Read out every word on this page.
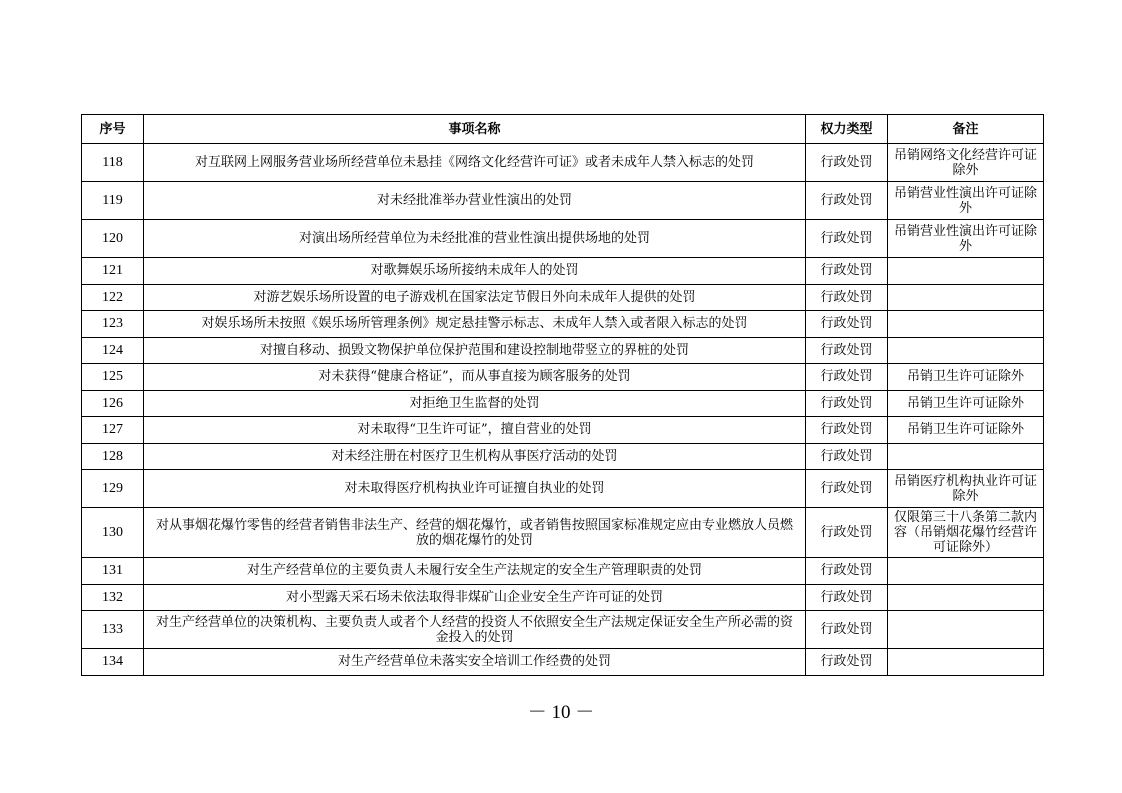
序号	事项名称	权力类型	备注
118	对互联网上网服务营业场所经营单位未悬挂《网络文化经营许可证》或者未成年人禁入标志的处罚	行政处罚	吊销网络文化经营许可证除外
119	对未经批准举办营业性演出的处罚	行政处罚	吊销营业性演出许可证除外
120	对演出场所经营单位为未经批准的营业性演出提供场地的处罚	行政处罚	吊销营业性演出许可证除外
121	对歌舞娱乐场所接纳未成年人的处罚	行政处罚	
122	对游艺娱乐场所设置的电子游戏机在国家法定节假日外向未成年人提供的处罚	行政处罚	
123	对娱乐场所未按照《娱乐场所管理条例》规定悬挂警示标志、未成年人禁入或者限入标志的处罚	行政处罚	
124	对擅自移动、损毁文物保护单位保护范围和建设控制地带竖立的界桩的处罚	行政处罚	
125	对未获得“健康合格证”，而从事直接为顾客服务的处罚	行政处罚	吊销卫生许可证除外
126	对拒绝卫生监督的处罚	行政处罚	吊销卫生许可证除外
127	对未取得“卫生许可证”，擅自营业的处罚	行政处罚	吊销卫生许可证除外
128	对未经注册在村医疗卫生机构从事医疗活动的处罚	行政处罚	
129	对未取得医疗机构执业许可证擅自执业的处罚	行政处罚	吊销医疗机构执业许可证除外
130	对从事烟花爆竹零售的经营者销售非法生产、经营的烟花爆竹，或者销售按照国家标准规定应由专业燃放人员燃放的烟花爆竹的处罚	行政处罚	仅限第三十八条第二款内容（吊销烟花爆竹经营许可证除外）
131	对生产经营单位的主要负责人未履行安全生产法规定的安全生产管理职责的处罚	行政处罚	
132	对小型露天采石场未依法取得非煤矿山企业安全生产许可证的处罚	行政处罚	
133	对生产经营单位的决策机构、主要负责人或者个人经营的投资人不依照安全生产法规定保证安全生产所必需的资金投入的处罚	行政处罚	
134	对生产经营单位未落实安全培训工作经费的处罚	行政处罚	
－ 10 －
